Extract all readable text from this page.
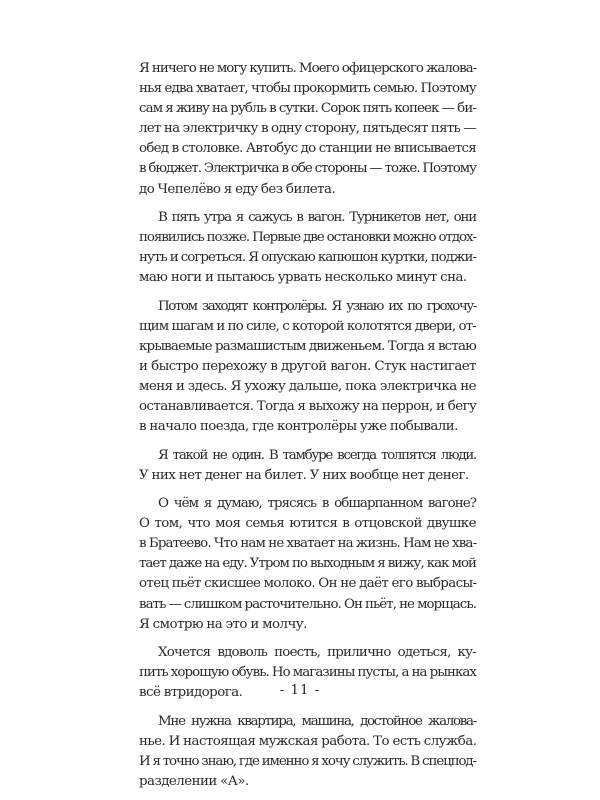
Я ничего не могу купить. Моего офицерского жалова-
нья едва хватает, чтобы прокормить семью. Поэтому
сам я живу на рубль в сутки. Сорок пять копеек — би-
лет на электричку в одну сторону, пятьдесят пять —
обед в столовке. Автобус до станции не вписывается
в бюджет. Электричка в обе стороны — тоже. Поэтому
до Чепелёво я еду без билета.
В пять утра я сажусь в вагон. Турникетов нет, они
появились позже. Первые две остановки можно отдох-
нуть и согреться. Я опускаю капюшон куртки, поджи-
маю ноги и пытаюсь урвать несколько минут сна.
Потом заходят контролёры. Я узнаю их по грохочу-
щим шагам и по силе, с которой колотятся двери, от-
крываемые размашистым движеньем. Тогда я встаю
и быстро перехожу в другой вагон. Стук настигает
меня и здесь. Я ухожу дальше, пока электричка не
останавливается. Тогда я выхожу на перрон, и бегу
в начало поезда, где контролёры уже побывали.
Я такой не один. В тамбуре всегда толпятся люди.
У них нет денег на билет. У них вообще нет денег.
О чём я думаю, трясясь в обшарпанном вагоне?
О том, что моя семья ютится в отцовской двушке
в Братеево. Что нам не хватает на жизнь. Нам не хва-
тает даже на еду. Утром по выходным я вижу, как мой
отец пьёт скисшее молоко. Он не даёт его выбрасы-
вать — слишком расточительно. Он пьёт, не морщась.
Я смотрю на это и молчу.
Хочется вдоволь поесть, прилично одеться, ку-
пить хорошую обувь. Но магазины пусты, а на рынках
всё втридорога.
Мне нужна квартира, машина, достойное жалова-
нье. И настоящая мужская работа. То есть служба.
И я точно знаю, где именно я хочу служить. В спецпод-
разделении «А».
- 11 -
